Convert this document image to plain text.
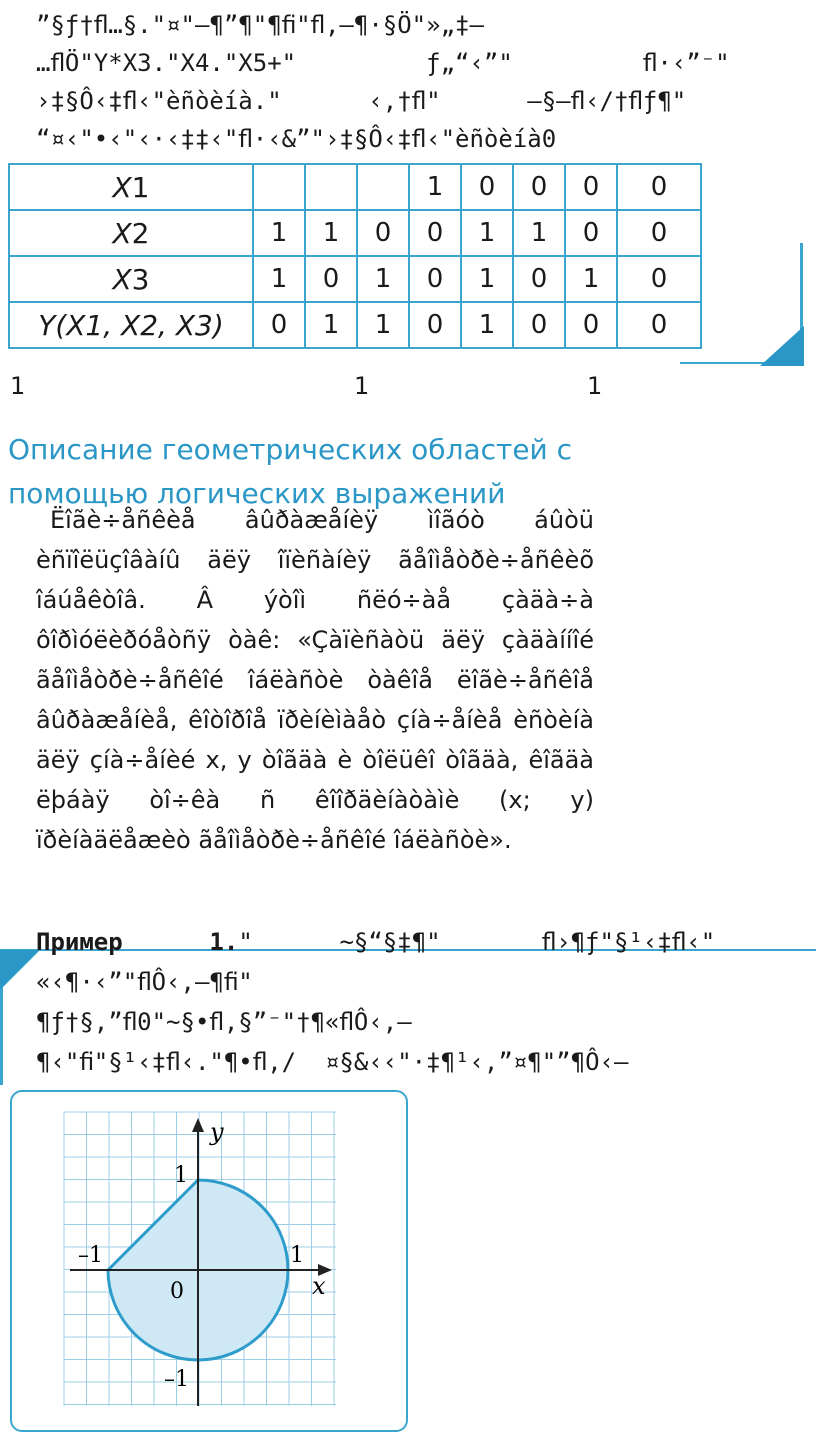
”§ƒ†ﬂ…§."¤"–¶”¶"¶ﬁ"ﬂ,–¶·§Ö"»„‡–
…ﬂÖ"Y*X3."X4."X5+"         ƒ„“‹”"         ﬂ·‹”⁻"
›‡§Ô‹‡ﬂ‹"èñòèíà."      ‹,†ﬂ"      –§–ﬂ‹/†ﬂƒ¶"
“¤‹"•‹"‹·‹‡‡‹"ﬂ·‹&”"›‡§Ô‹‡ﬂ‹"èñòèíà0
X1				1	0	0	0	0
X2	1	1	0	0	1	1	0	0
X3	1	0	1	0	1	0	1	0
Y(X1, X2, X3)	0	1	1	0	1	0	0	0
1	1	1
Описание геометрических областей с помощью логических выражений

Ëîãè÷åñêèå âûðàæåíèÿ ìîãóò áûòü èñïîëüçîâàíû äëÿ îïèñàíèÿ ãåîìåòðè÷åñêèõ îáúåêòîâ. Â ýòîì ñëó÷àå çàäà÷à ôîðìóëèðóåòñÿ òàê: «Çàïèñàòü äëÿ çàäàííîé ãåîìåòðè÷åñêîé îáëàñòè òàêîå ëîãè÷åñêîå âûðàæåíèå, êîòîðîå ïðèíèìàåò çíà÷åíèå èñòèíà äëÿ çíà÷åíèé x, y òîãäà è òîëüêî òîãäà, êîãäà ëþáàÿ òî÷êà ñ êîîðäèíàòàìè (x; y) ïðèíàäëåæèò ãåîìåòðè÷åñêîé îáëàñòè».

Пример	1."      ~§“§‡¶"       ﬂ›¶ƒ"§¹‹‡ﬂ‹"
«‹¶·‹”"ﬂÔ‹,–¶ﬁ"
¶ƒ†§,”ﬂ0"~§•ﬂ,§”⁻"†¶«ﬂÔ‹,–
¶‹"ﬁ"§¹‹‡ﬂ‹."¶•ﬂ‚/  ¤§&‹‹"·‡¶¹‹,”¤¶"”¶Ô‹–

x
y
1
–1
1
–1
0
